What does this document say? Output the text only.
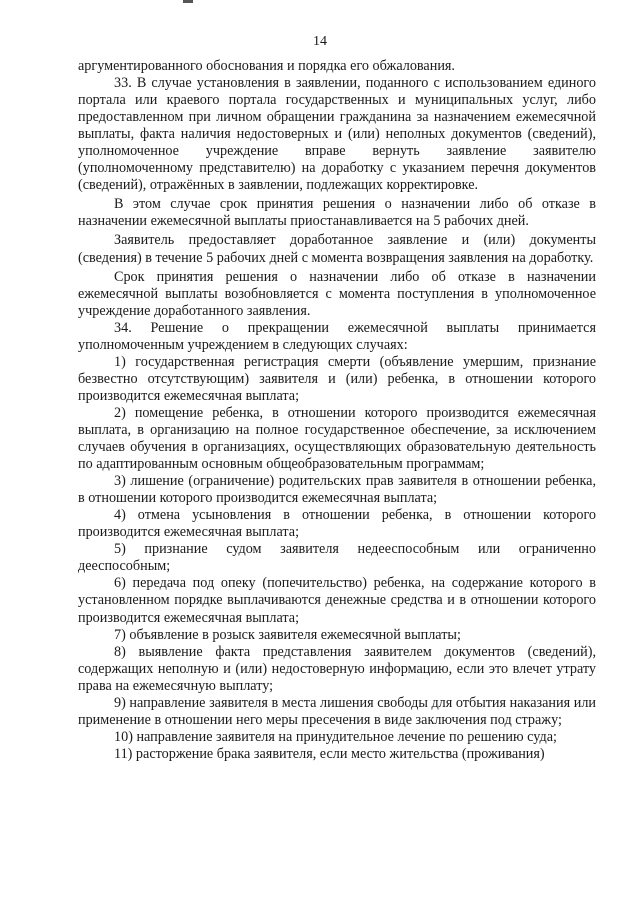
14

аргументированного обоснования и порядка его обжалования.

33. В случае установления в заявлении, поданного с использованием единого портала или краевого портала государственных и муниципальных услуг, либо предоставленном при личном обращении гражданина за назначением ежемесячной выплаты, факта наличия недостоверных и (или) неполных документов (сведений), уполномоченное учреждение вправе вернуть заявление заявителю (уполномоченному представителю) на доработку с указанием перечня документов (сведений), отражённых в заявлении, подлежащих корректировке.

В этом случае срок принятия решения о назначении либо об отказе в назначении ежемесячной выплаты приостанавливается на 5 рабочих дней.

Заявитель предоставляет доработанное заявление и (или) документы (сведения) в течение 5 рабочих дней с момента возвращения заявления на доработку.

Срок принятия решения о назначении либо об отказе в назначении ежемесячной выплаты возобновляется с момента поступления в уполномоченное учреждение доработанного заявления.

34. Решение о прекращении ежемесячной выплаты принимается уполномоченным учреждением в следующих случаях:

1) государственная регистрация смерти (объявление умершим, признание безвестно отсутствующим) заявителя и (или) ребенка, в отношении которого производится ежемесячная выплата;

2) помещение ребенка, в отношении которого производится ежемесячная выплата, в организацию на полное государственное обеспечение, за исключением случаев обучения в организациях, осуществляющих образовательную деятельность по адаптированным основным общеобразовательным программам;

3) лишение (ограничение) родительских прав заявителя в отношении ребенка, в отношении которого производится ежемесячная выплата;

4) отмена усыновления в отношении ребенка, в отношении которого производится ежемесячная выплата;

5) признание судом заявителя недееспособным или ограниченно дееспособным;

6) передача под опеку (попечительство) ребенка, на содержание которого в установленном порядке выплачиваются денежные средства и в отношении которого производится ежемесячная выплата;

7) объявление в розыск заявителя ежемесячной выплаты;

8) выявление факта представления заявителем документов (сведений), содержащих неполную и (или) недостоверную информацию, если это влечет утрату права на ежемесячную выплату;

9) направление заявителя в места лишения свободы для отбытия наказания или применение в отношении него меры пресечения в виде заключения под стражу;

10) направление заявителя на принудительное лечение по решению суда;

11) расторжение брака заявителя, если место жительства (проживания)
